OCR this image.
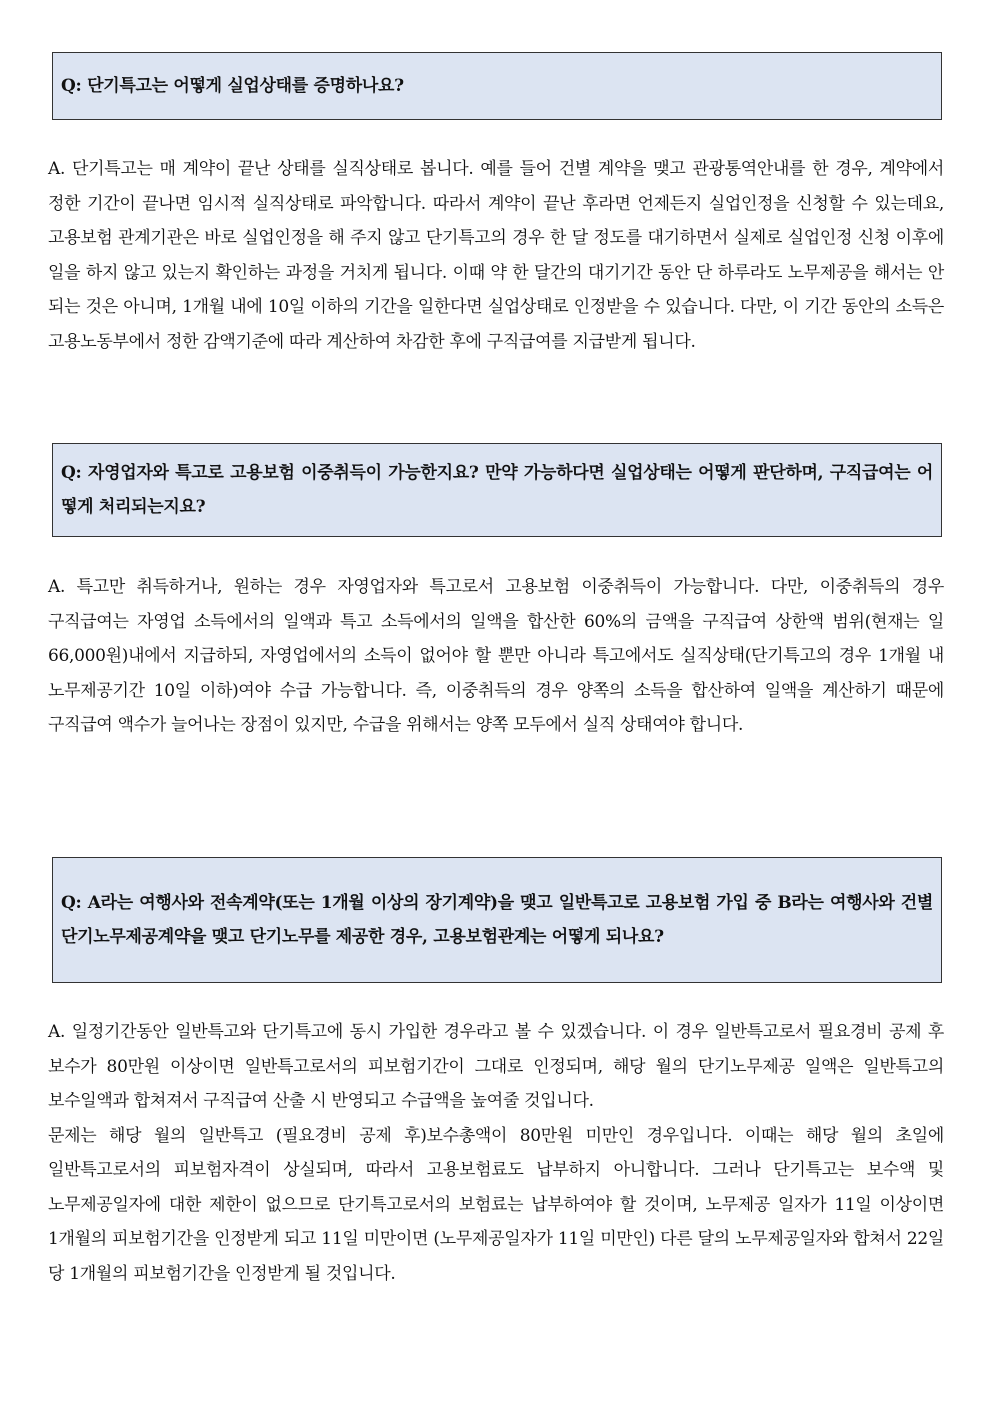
Q: 단기특고는 어떻게 실업상태를 증명하나요?

A. 단기특고는 매 계약이 끝난 상태를 실직상태로 봅니다. 예를 들어 건별 계약을 맺고 관광통역안내를 한 경우, 계약에서 정한 기간이 끝나면 임시적 실직상태로 파악합니다. 따라서 계약이 끝난 후라면 언제든지 실업인정을 신청할 수 있는데요, 고용보험 관계기관은 바로 실업인정을 해 주지 않고 단기특고의 경우 한 달 정도를 대기하면서 실제로 실업인정 신청 이후에 일을 하지 않고 있는지 확인하는 과정을 거치게 됩니다. 이때 약 한 달간의 대기기간 동안 단 하루라도 노무제공을 해서는 안 되는 것은 아니며, 1개월 내에 10일 이하의 기간을 일한다면 실업상태로 인정받을 수 있습니다. 다만, 이 기간 동안의 소득은 고용노동부에서 정한 감액기준에 따라 계산하여 차감한 후에 구직급여를 지급받게 됩니다.

Q: 자영업자와 특고로 고용보험 이중취득이 가능한지요? 만약 가능하다면 실업상태는 어떻게 판단하며, 구직급여는 어떻게 처리되는지요?

A. 특고만 취득하거나, 원하는 경우 자영업자와 특고로서 고용보험 이중취득이 가능합니다. 다만, 이중취득의 경우 구직급여는 자영업 소득에서의 일액과 특고 소득에서의 일액을 합산한 60%의 금액을 구직급여 상한액 범위(현재는 일 66,000원)내에서 지급하되, 자영업에서의 소득이 없어야 할 뿐만 아니라 특고에서도 실직상태(단기특고의 경우 1개월 내 노무제공기간 10일 이하)여야 수급 가능합니다. 즉, 이중취득의 경우 양쪽의 소득을 합산하여 일액을 계산하기 때문에 구직급여 액수가 늘어나는 장점이 있지만, 수급을 위해서는 양쪽 모두에서 실직 상태여야 합니다.

Q: A라는 여행사와 전속계약(또는 1개월 이상의 장기계약)을 맺고 일반특고로 고용보험 가입 중 B라는 여행사와 건별 단기노무제공계약을 맺고 단기노무를 제공한 경우, 고용보험관계는 어떻게 되나요?

A. 일정기간동안 일반특고와 단기특고에 동시 가입한 경우라고 볼 수 있겠습니다. 이 경우 일반특고로서 필요경비 공제 후 보수가 80만원 이상이면 일반특고로서의 피보험기간이 그대로 인정되며, 해당 월의 단기노무제공 일액은 일반특고의 보수일액과 합쳐져서 구직급여 산출 시 반영되고 수급액을 높여줄 것입니다.

문제는 해당 월의 일반특고 (필요경비 공제 후)보수총액이 80만원 미만인 경우입니다. 이때는 해당 월의 초일에 일반특고로서의 피보험자격이 상실되며, 따라서 고용보험료도 납부하지 아니합니다. 그러나 단기특고는 보수액 및 노무제공일자에 대한 제한이 없으므로 단기특고로서의 보험료는 납부하여야 할 것이며, 노무제공 일자가 11일 이상이면 1개월의 피보험기간을 인정받게 되고 11일 미만이면 (노무제공일자가 11일 미만인) 다른 달의 노무제공일자와 합쳐서 22일 당 1개월의 피보험기간을 인정받게 될 것입니다.
